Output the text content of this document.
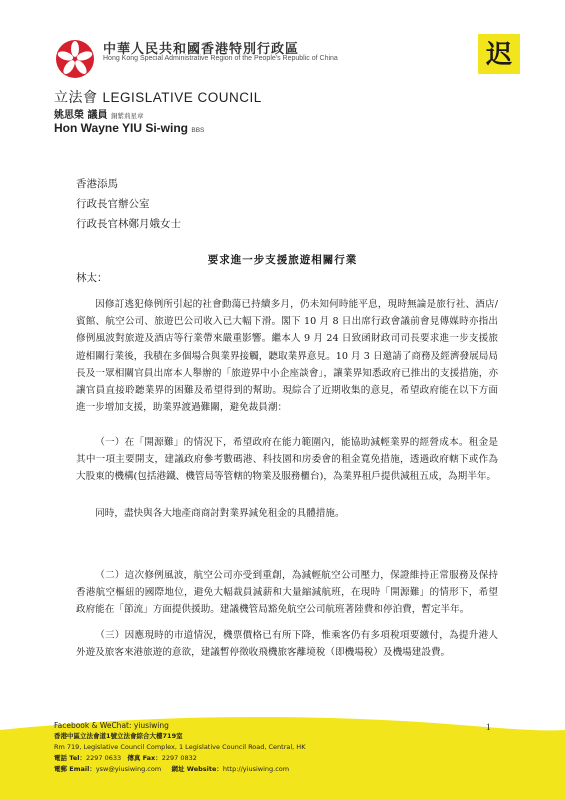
中華人民共和國香港特別行政區
Hong Kong Special Administrative Region of the People's Republic of China	迟
立法會 LEGISLATIVE COUNCIL
姚思榮 議員 銅紫荊星章
Hon Wayne YIU Si-wing BBS
香港添馬
行政長官辦公室
行政長官林鄭月娥女士
要求進一步支援旅遊相關行業
林太：

因修訂逃犯條例所引起的社會動蕩已持續多月，仍未知何時能平息，現時無論是旅行社、酒店/賓館、航空公司、旅遊巴公司收入已大幅下滑。閣下 10 月 8 日出席行政會議前會見傳媒時亦指出修例風波對旅遊及酒店等行業帶來嚴重影響。繼本人 9 月 24 日致函財政司司長要求進一步支援旅遊相關行業後，我積在多個場合與業界接觸，聽取業界意見。10 月 3 日邀請了商務及經濟發展局局長及一眾相關官員出席本人舉辦的「旅遊界中小企座談會」，讓業界知悉政府已推出的支援措施，亦讓官員直接聆聽業界的困難及希望得到的幫助。現綜合了近期收集的意見，希望政府能在以下方面進一步增加支援，助業界渡過難關，避免裁員潮：

（一）在「開源難」的情況下，希望政府在能力範圍內，能協助減輕業界的經營成本。租金是其中一項主要開支，建議政府參考數碼港、科技園和房委會的租金寬免措施，透過政府轄下或作為大股東的機構(包括港鐵、機管局等管轄的物業及服務櫃台)，為業界租戶提供減租五成，為期半年。

同時，盡快與各大地產商商討對業界減免租金的具體措施。

（二）這次修例風波，航空公司亦受到重創，為減輕航空公司壓力，保證維持正常服務及保持香港航空樞紐的國際地位，避免大幅裁員減薪和大量縮減航班，在現時「開源難」的情形下，希望政府能在「節流」方面提供援助。建議機管局豁免航空公司航班著陸費和停泊費，暫定半年。

（三）因應現時的市道情況，機票價格已有所下降，惟乘客仍有多項稅項要繳付，為提升港人外遊及旅客來港旅遊的意欲，建議暫停徵收飛機旅客離境稅（即機場稅）及機場建設費。

1
Facebook & WeChat: yiusiwing
香港中區立法會道1號立法會綜合大樓719室
Rm 719, Legislative Council Complex, 1 Legislative Council Road, Central, HK
電話 Tel：2297 0633 傳真 Fax：2297 0832
電郵 Email：ysw@yiusiwing.com 網址 Website：http://yiusiwing.com
